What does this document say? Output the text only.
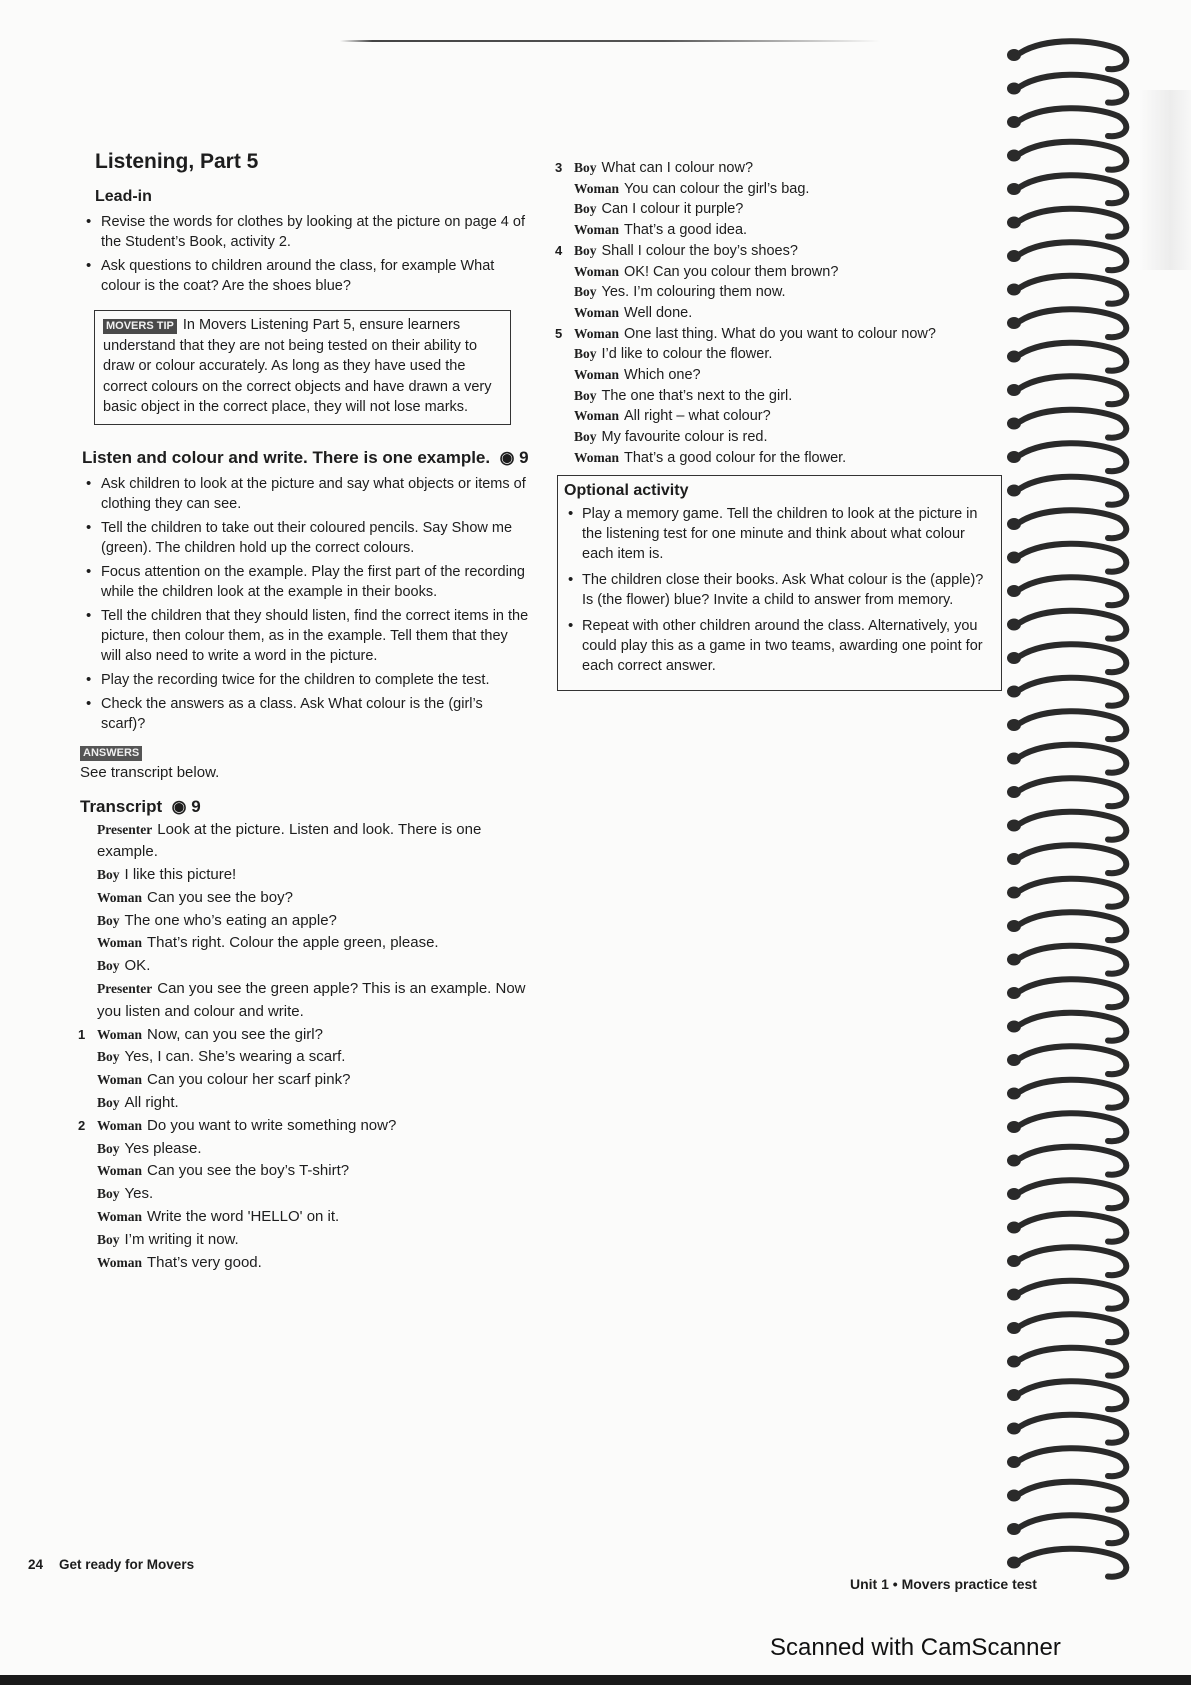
Listening, Part 5
Lead-in
• Revise the words for clothes by looking at the picture on page 4 of the Student’s Book, activity 2.
• Ask questions to children around the class, for example What colour is the coat? Are the shoes blue?
MOVERS TIP In Movers Listening Part 5, ensure learners understand that they are not being tested on their ability to draw or colour accurately. As long as they have used the correct colours on the correct objects and have drawn a very basic object in the correct place, they will not lose marks.
Listen and colour and write. There is one example.  ◉ 9
• Ask children to look at the picture and say what objects or items of clothing they can see.
• Tell the children to take out their coloured pencils. Say Show me (green). The children hold up the correct colours.
• Focus attention on the example. Play the first part of the recording while the children look at the example in their books.
• Tell the children that they should listen, find the correct items in the picture, then colour them, as in the example. Tell them that they will also need to write a word in the picture.
• Play the recording twice for the children to complete the test.
• Check the answers as a class. Ask What colour is the (girl’s scarf)?
ANSWERS

See transcript below.

Transcript  ◉ 9
Presenter Look at the picture. Listen and look. There is one example.
Boy I like this picture!
Woman Can you see the boy?
Boy The one who’s eating an apple?
Woman That’s right. Colour the apple green, please.
Boy OK.
Presenter Can you see the green apple? This is an example. Now you listen and colour and write.
1 Woman Now, can you see the girl?
Boy Yes, I can. She’s wearing a scarf.
Woman Can you colour her scarf pink?
Boy All right.
2 Woman Do you want to write something now?
Boy Yes please.
Woman Can you see the boy’s T-shirt?
Boy Yes.
Woman Write the word 'HELLO' on it.
Boy I’m writing it now.
Woman That’s very good.
3 Boy What can I colour now?
Woman You can colour the girl’s bag.
Boy Can I colour it purple?
Woman That’s a good idea.
4 Boy Shall I colour the boy’s shoes?
Woman OK! Can you colour them brown?
Boy Yes. I’m colouring them now.
Woman Well done.
5 Woman One last thing. What do you want to colour now?
Boy I’d like to colour the flower.
Woman Which one?
Boy The one that’s next to the girl.
Woman All right – what colour?
Boy My favourite colour is red.
Woman That’s a good colour for the flower.
Optional activity
• Play a memory game. Tell the children to look at the picture in the listening test for one minute and think about what colour each item is.
• The children close their books. Ask What colour is the (apple)? Is (the flower) blue? Invite a child to answer from memory.
• Repeat with other children around the class. Alternatively, you could play this as a game in two teams, awarding one point for each correct answer.
24 Get ready for Movers
Unit 1 • Movers practice test
Scanned with CamScanner
